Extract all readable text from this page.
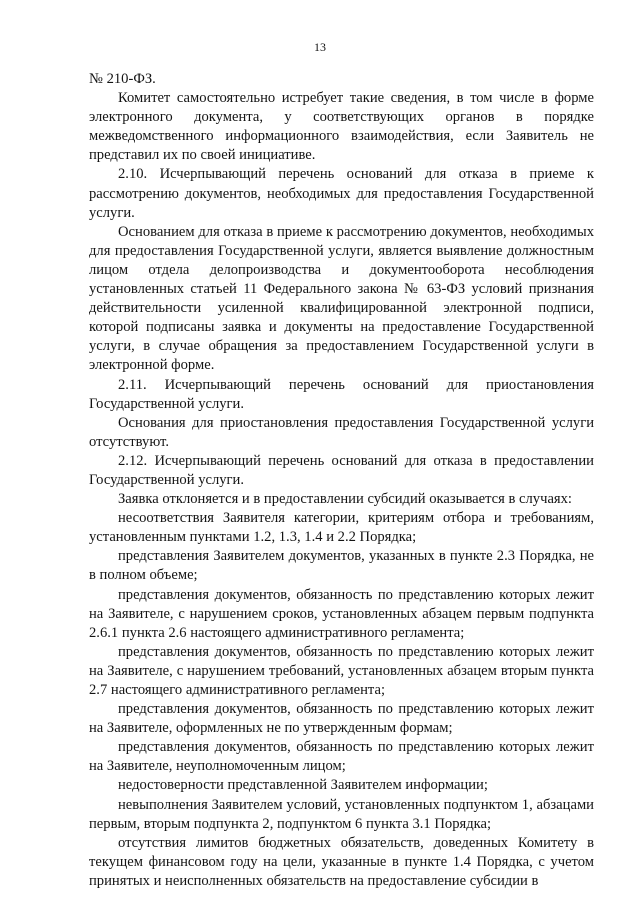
13

№ 210-ФЗ.

Комитет самостоятельно истребует такие сведения, в том числе в форме электронного документа, у соответствующих органов в порядке межведомственного информационного взаимодействия, если Заявитель не представил их по своей инициативе.

2.10. Исчерпывающий перечень оснований для отказа в приеме к рассмотрению документов, необходимых для предоставления Государственной услуги.

Основанием для отказа в приеме к рассмотрению документов, необходимых для предоставления Государственной услуги, является выявление должностным лицом отдела делопроизводства и документооборота несоблюдения установленных статьей 11 Федерального закона № 63-ФЗ условий признания действительности усиленной квалифицированной электронной подписи, которой подписаны заявка и документы на предоставление Государственной услуги, в случае обращения за предоставлением Государственной услуги в электронной форме.

2.11. Исчерпывающий перечень оснований для приостановления Государственной услуги.

Основания для приостановления предоставления Государственной услуги отсутствуют.

2.12. Исчерпывающий перечень оснований для отказа в предоставлении Государственной услуги.

Заявка отклоняется и в предоставлении субсидий оказывается в случаях:

несоответствия Заявителя категории, критериям отбора и требованиям, установленным пунктами 1.2, 1.3, 1.4 и 2.2 Порядка;

представления Заявителем документов, указанных в пункте 2.3 Порядка, не в полном объеме;

представления документов, обязанность по представлению которых лежит на Заявителе, с нарушением сроков, установленных абзацем первым подпункта 2.6.1 пункта 2.6 настоящего административного регламента;

представления документов, обязанность по представлению которых лежит на Заявителе, с нарушением требований, установленных абзацем вторым пункта 2.7 настоящего административного регламента;

представления документов, обязанность по представлению которых лежит на Заявителе, оформленных не по утвержденным формам;

представления документов, обязанность по представлению которых лежит на Заявителе, неуполномоченным лицом;

недостоверности представленной Заявителем информации;

невыполнения Заявителем условий, установленных подпунктом 1, абзацами первым, вторым подпункта 2, подпунктом 6 пункта 3.1 Порядка;

отсутствия лимитов бюджетных обязательств, доведенных Комитету в текущем финансовом году на цели, указанные в пункте 1.4 Порядка, с учетом принятых и неисполненных обязательств на предоставление субсидии в
